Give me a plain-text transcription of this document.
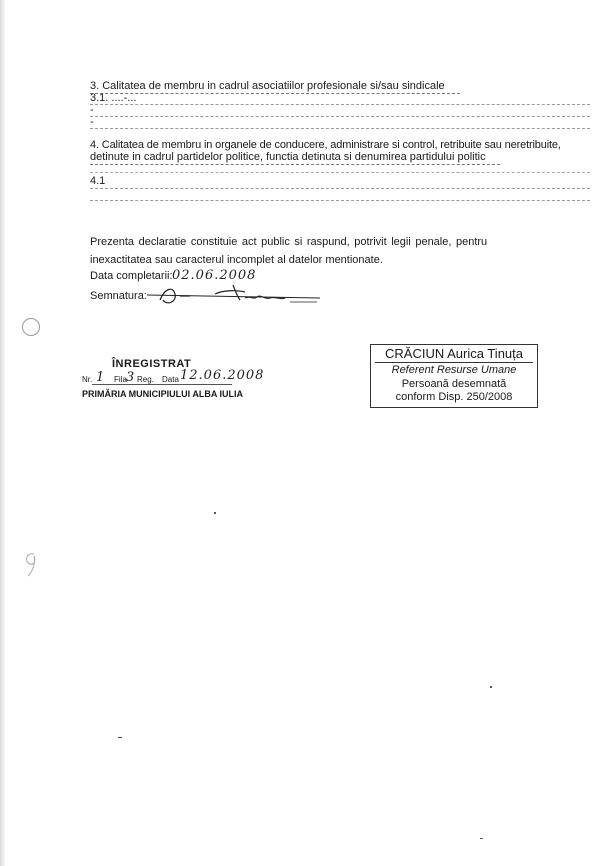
3. Calitatea de membru in cadrul asociatiilor profesionale si/sau sindicale
3.1. ....-...
-
-
4. Calitatea de membru in organele de conducere, administrare si control, retribuite sau neretribuite,
detinute in cadrul partidelor politice, functia detinuta si denumirea partidului politic
4.1
Prezenta declaratie constituie act public si raspund, potrivit legii penale, pentru
inexactitatea sau caracterul incomplet al datelor mentionate.
Data completarii: 02.06.2008
Semnatura:
ÎNREGISTRAT
Nr. 1 Fila 3 Reg. Data 12.06.2008
PRIMĂRIA MUNICIPIULUI ALBA IULIA
CRĂCIUN Aurica Tinuța
Referent Resurse Umane
Persoană desemnată
conform Disp. 250/2008
